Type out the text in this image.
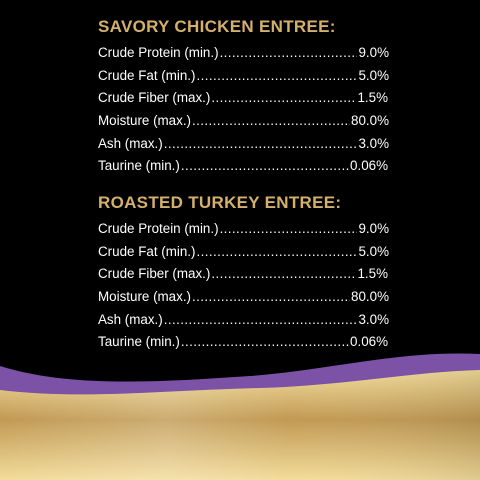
SAVORY CHICKEN ENTREE:
Crude Protein (min.) .....	9.0%
Crude Fat (min.) .....	5.0%
Crude Fiber (max.) .....	1.5%
Moisture (max.) .....	80.0%
Ash (max.) .....	3.0%
Taurine (min.) .....	0.06%
ROASTED TURKEY ENTREE:
Crude Protein (min.) .....	9.0%
Crude Fat (min.) .....	5.0%
Crude Fiber (max.) .....	1.5%
Moisture (max.) .....	80.0%
Ash (max.) .....	3.0%
Taurine (min.) .....	0.06%
